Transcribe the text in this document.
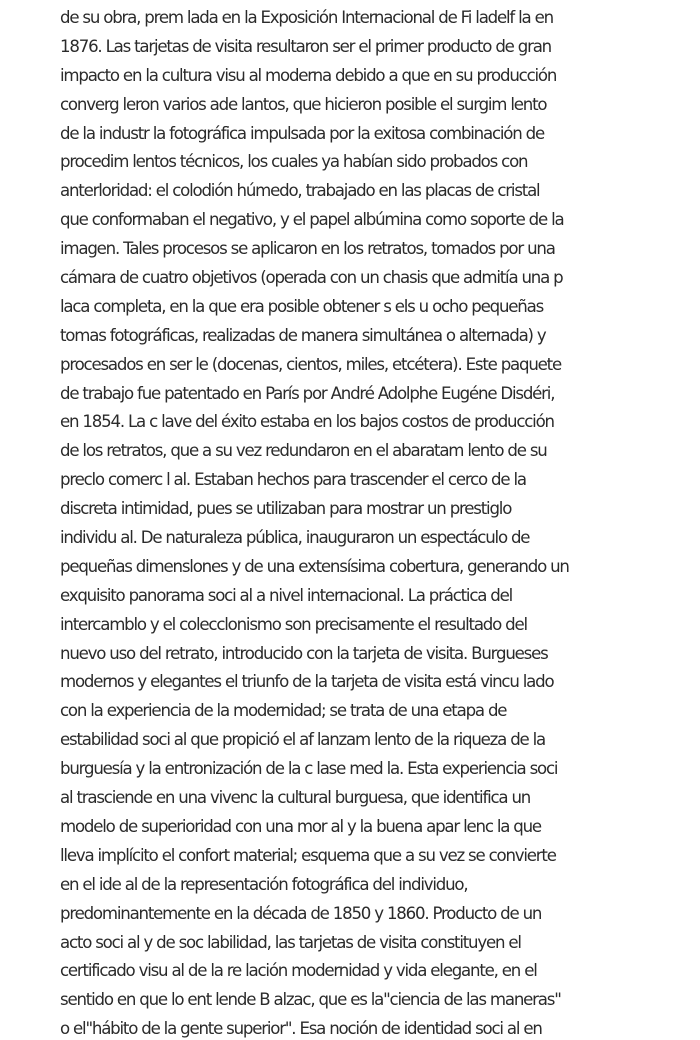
de su obra, prem lada en la Exposición Internacional de Fi ladelf la en
1876. Las tarjetas de visita resultaron ser el primer producto de gran
impacto en la cultura visu al moderna debido a que en su producción
converg leron varios ade lantos, que hicieron posible el surgim lento
de la industr la fotográfica impulsada por la exitosa combinación de
procedim lentos técnicos, los cuales ya habían sido probados con
anterloridad: el colodión húmedo, trabajado en las placas de cristal
que conformaban el negativo, y el papel albúmina como soporte de la
imagen. Tales procesos se aplicaron en los retratos, tomados por una
cámara de cuatro objetivos (operada con un chasis que admitía una p
laca completa, en la que era posible obtener s els u ocho pequeñas
tomas fotográficas, realizadas de manera simultánea o alternada) y
procesados en ser le (docenas, cientos, miles, etcétera). Este paquete
de trabajo fue patentado en París por André Adolphe Eugéne Disdéri,
en 1854. La c lave del éxito estaba en los bajos costos de producción
de los retratos, que a su vez redundaron en el abaratam lento de su
preclo comerc l al. Estaban hechos para trascender el cerco de la
discreta intimidad, pues se utilizaban para mostrar un prestiglo
individu al. De naturaleza pública, inauguraron un espectáculo de
pequeñas dimenslones y de una extensísima cobertura, generando un
exquisito panorama soci al a nivel internacional. La práctica del
intercamblo y el colecclonismo son precisamente el resultado del
nuevo uso del retrato, introducido con la tarjeta de visita. Burgueses
modernos y elegantes el triunfo de la tarjeta de visita está vincu lado
con la experiencia de la modernidad; se trata de una etapa de
estabilidad soci al que propició el af lanzam lento de la riqueza de la
burguesía y la entronización de la c lase med la. Esta experiencia soci
al trasciende en una vivenc la cultural burguesa, que identifica un
modelo de superioridad con una mor al y la buena apar lenc la que
lleva implícito el confort material; esquema que a su vez se convierte
en el ide al de la representación fotográfica del individuo,
predominantemente en la década de 1850 y 1860. Producto de un
acto soci al y de soc labilidad, las tarjetas de visita constituyen el
certificado visu al de la re lación modernidad y vida elegante, en el
sentido en que lo ent lende B alzac, que es la"ciencia de las maneras"
o el"hábito de la gente superior". Esa noción de identidad soci al en
